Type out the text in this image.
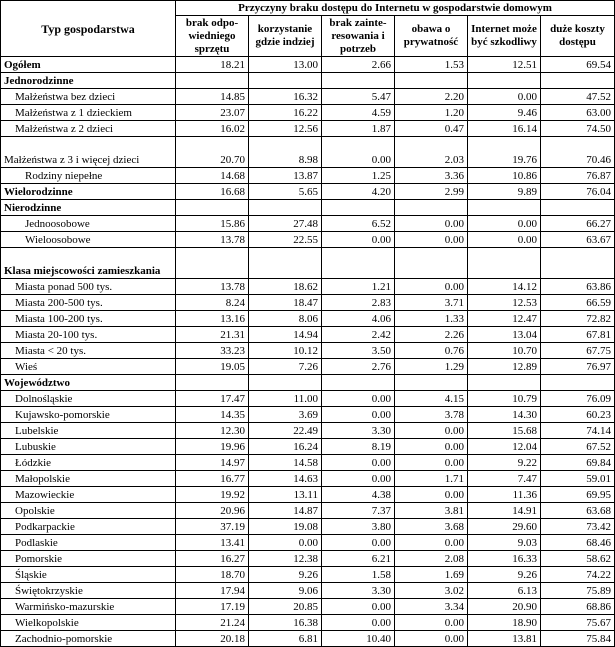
Typ gospodarstwa	Przyczyny braku dostępu do Internetu w gospodarstwie domowym					
	brak odpo-wiedniego sprzętu	korzystanie gdzie indziej	brak zainte-resowania i potrzeb	obawa o prywatność	Internet może być szkodliwy	duże koszty dostępu
Ogółem	18.21	13.00	2.66	1.53	12.51	69.54
Jednorodzinne						
Małżeństwa bez dzieci	14.85	16.32	5.47	2.20	0.00	47.52
Małżeństwa z 1 dzieckiem	23.07	16.22	4.59	1.20	9.46	63.00
Małżeństwa z 2 dzieci	16.02	12.56	1.87	0.47	16.14	74.50
Małżeństwa z 3 i więcej dzieci	20.70	8.98	0.00	2.03	19.76	70.46
Rodziny niepełne	14.68	13.87	1.25	3.36	10.86	76.87
Wielorodzinne	16.68	5.65	4.20	2.99	9.89	76.04
Nierodzinne						
Jednoosobowe	15.86	27.48	6.52	0.00	0.00	66.27
Wieloosobowe	13.78	22.55	0.00	0.00	0.00	63.67
Klasa miejscowości zamieszkania						
Miasta ponad 500 tys.	13.78	18.62	1.21	0.00	14.12	63.86
Miasta 200-500 tys.	8.24	18.47	2.83	3.71	12.53	66.59
Miasta 100-200 tys.	13.16	8.06	4.06	1.33	12.47	72.82
Miasta 20-100 tys.	21.31	14.94	2.42	2.26	13.04	67.81
Miasta < 20 tys.	33.23	10.12	3.50	0.76	10.70	67.75
Wieś	19.05	7.26	2.76	1.29	12.89	76.97
Województwo						
Dolnośląskie	17.47	11.00	0.00	4.15	10.79	76.09
Kujawsko-pomorskie	14.35	3.69	0.00	3.78	14.30	60.23
Lubelskie	12.30	22.49	3.30	0.00	15.68	74.14
Lubuskie	19.96	16.24	8.19	0.00	12.04	67.52
Łódzkie	14.97	14.58	0.00	0.00	9.22	69.84
Małopolskie	16.77	14.63	0.00	1.71	7.47	59.01
Mazowieckie	19.92	13.11	4.38	0.00	11.36	69.95
Opolskie	20.96	14.87	7.37	3.81	14.91	63.68
Podkarpackie	37.19	19.08	3.80	3.68	29.60	73.42
Podlaskie	13.41	0.00	0.00	0.00	9.03	68.46
Pomorskie	16.27	12.38	6.21	2.08	16.33	58.62
Śląskie	18.70	9.26	1.58	1.69	9.26	74.22
Świętokrzyskie	17.94	9.06	3.30	3.02	6.13	75.89
Warmińsko-mazurskie	17.19	20.85	0.00	3.34	20.90	68.86
Wielkopolskie	21.24	16.38	0.00	0.00	18.90	75.67
Zachodnio-pomorskie	20.18	6.81	10.40	0.00	13.81	75.84
